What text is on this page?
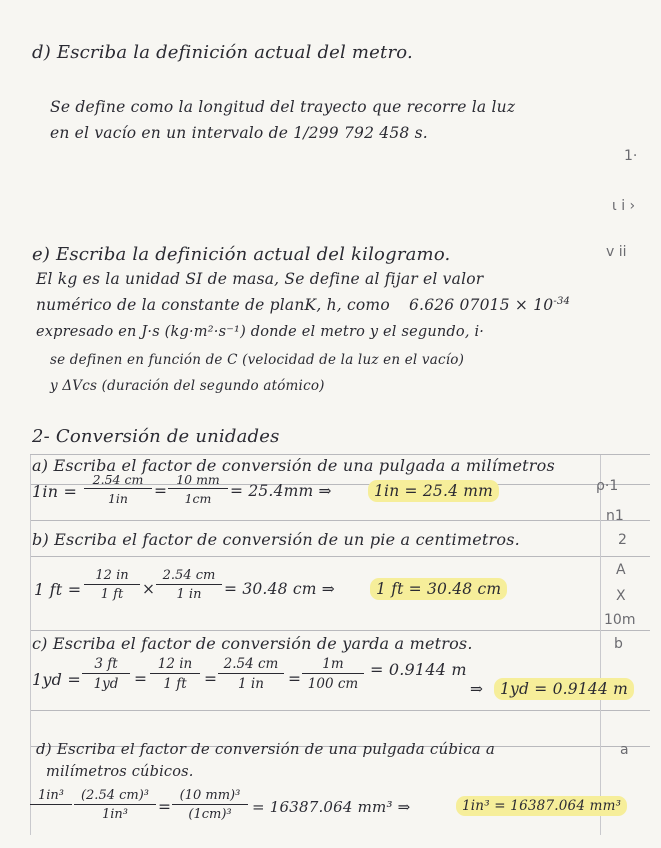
d) Escriba la definición actual del metro.
Se define como la longitud del trayecto que recorre la luz
en el vacío en un intervalo de 1/299 792 458 s.
1·
ι ⅰ ›
v ⅰⅰ
e) Escriba la definición actual del kilogramo.
El kg es la unidad SI de masa, Se define al fijar el valor
numérico de la constante de planK, h, como 6.626 $07015 \times 10^{-34}$
expresado en J·s (kg·m²·s⁻¹) donde el metro y el segundo, i·
se definen en función de C (velocidad de la luz en el vacío)
y ΔVcs (duración del segundo atómico)
2- Conversión de unidades
a) Escriba el factor de conversión de una pulgada a milímetros
$1in = \frac{2.54 cm}{1in} = \frac{10 mm}{1cm} = 25.4mm$ ⇒	1in = 25.4 mm	ρ·1
n1
b) Escriba el factor de conversión de un pie a centimetros.	2
1 ft = $\frac{12 in}{1 ft} \times \frac{2.54 cm}{1 in} = 30.48$ cm ⇒	1 ft = 30.48 cm
A
X
10m
c) Escriba el factor de conversión de yarda a metros.	b
$1yd = \frac{3 ft}{1yd} = \frac{12 in}{1 ft} = \frac{2.54 cm}{1 in} = \frac{1m}{100 cm} = 0.9144$ m
⇒	1yd = 0.9144 m
d) Escriba el factor de conversión de una pulgada cúbica a	a
milímetros cúbicos.
$1in^3 \frac{\text{(2.54 cm)³}}{\text{1in³}} = \frac{\text{(10 mm)³}}{\text{(1cm)³}} = 16387.064$ mm³ ⇒	1in³ = 16387.064 mm³
